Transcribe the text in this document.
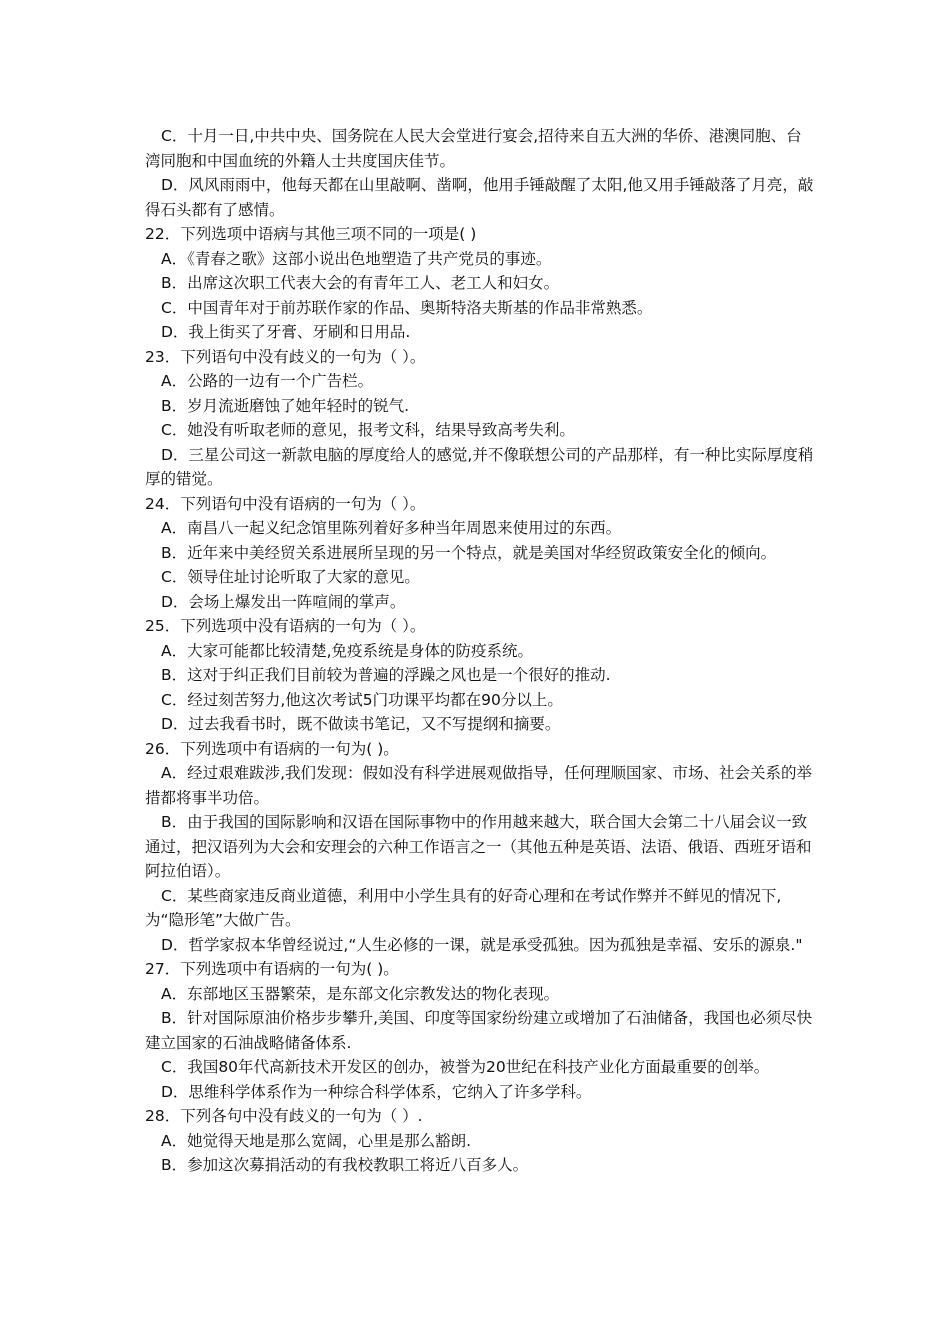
C．十月一日,中共中央、国务院在人民大会堂进行宴会,招待来自五大洲的华侨、港澳同胞、台湾同胞和中国血统的外籍人士共度国庆佳节。

D．风风雨雨中，他每天都在山里敲啊、凿啊，他用手锤敲醒了太阳,他又用手锤敲落了月亮，敲得石头都有了感情。

22．下列选项中语病与其他三项不同的一项是( )

A．《青春之歌》这部小说出色地塑造了共产党员的事迹。

B．出席这次职工代表大会的有青年工人、老工人和妇女。

C．中国青年对于前苏联作家的作品、奥斯特洛夫斯基的作品非常熟悉。

D．我上街买了牙膏、牙刷和日用品.

23．下列语句中没有歧义的一句为（ ）。

A．公路的一边有一个广告栏。

B．岁月流逝磨蚀了她年轻时的锐气.

C．她没有听取老师的意见，报考文科，结果导致高考失利。

D．三星公司这一新款电脑的厚度给人的感觉,并不像联想公司的产品那样，有一种比实际厚度稍厚的错觉。

24．下列语句中没有语病的一句为（ ）。

A．南昌八一起义纪念馆里陈列着好多种当年周恩来使用过的东西。

B．近年来中美经贸关系进展所呈现的另一个特点，就是美国对华经贸政策安全化的倾向。

C．领导住址讨论听取了大家的意见。

D．会场上爆发出一阵喧闹的掌声。

25．下列选项中没有语病的一句为（ ）。

A．大家可能都比较清楚,免疫系统是身体的防疫系统。

B．这对于纠正我们目前较为普遍的浮躁之风也是一个很好的推动.

C．经过刻苦努力,他这次考试5门功课平均都在90分以上。

D．过去我看书时，既不做读书笔记，又不写提纲和摘要。

26．下列选项中有语病的一句为( )。

A．经过艰难跋涉,我们发现：假如没有科学进展观做指导，任何理顺国家、市场、社会关系的举措都将事半功倍。

B．由于我国的国际影响和汉语在国际事物中的作用越来越大，联合国大会第二十八届会议一致通过，把汉语列为大会和安理会的六种工作语言之一（其他五种是英语、法语、俄语、西班牙语和阿拉伯语）。

C．某些商家违反商业道德，利用中小学生具有的好奇心理和在考试作弊并不鲜见的情况下,为“隐形笔”大做广告。

D．哲学家叔本华曾经说过,“人生必修的一课，就是承受孤独。因为孤独是幸福、安乐的源泉."

27．下列选项中有语病的一句为( )。

A．东部地区玉器繁荣，是东部文化宗教发达的物化表现。

B．针对国际原油价格步步攀升,美国、印度等国家纷纷建立或增加了石油储备，我国也必须尽快建立国家的石油战略储备体系.

C．我国80年代高新技术开发区的创办，被誉为20世纪在科技产业化方面最重要的创举。

D．思维科学体系作为一种综合科学体系，它纳入了许多学科。

28．下列各句中没有歧义的一句为（ ）.

A．她觉得天地是那么宽阔，心里是那么豁朗.

B．参加这次募捐活动的有我校教职工将近八百多人。
